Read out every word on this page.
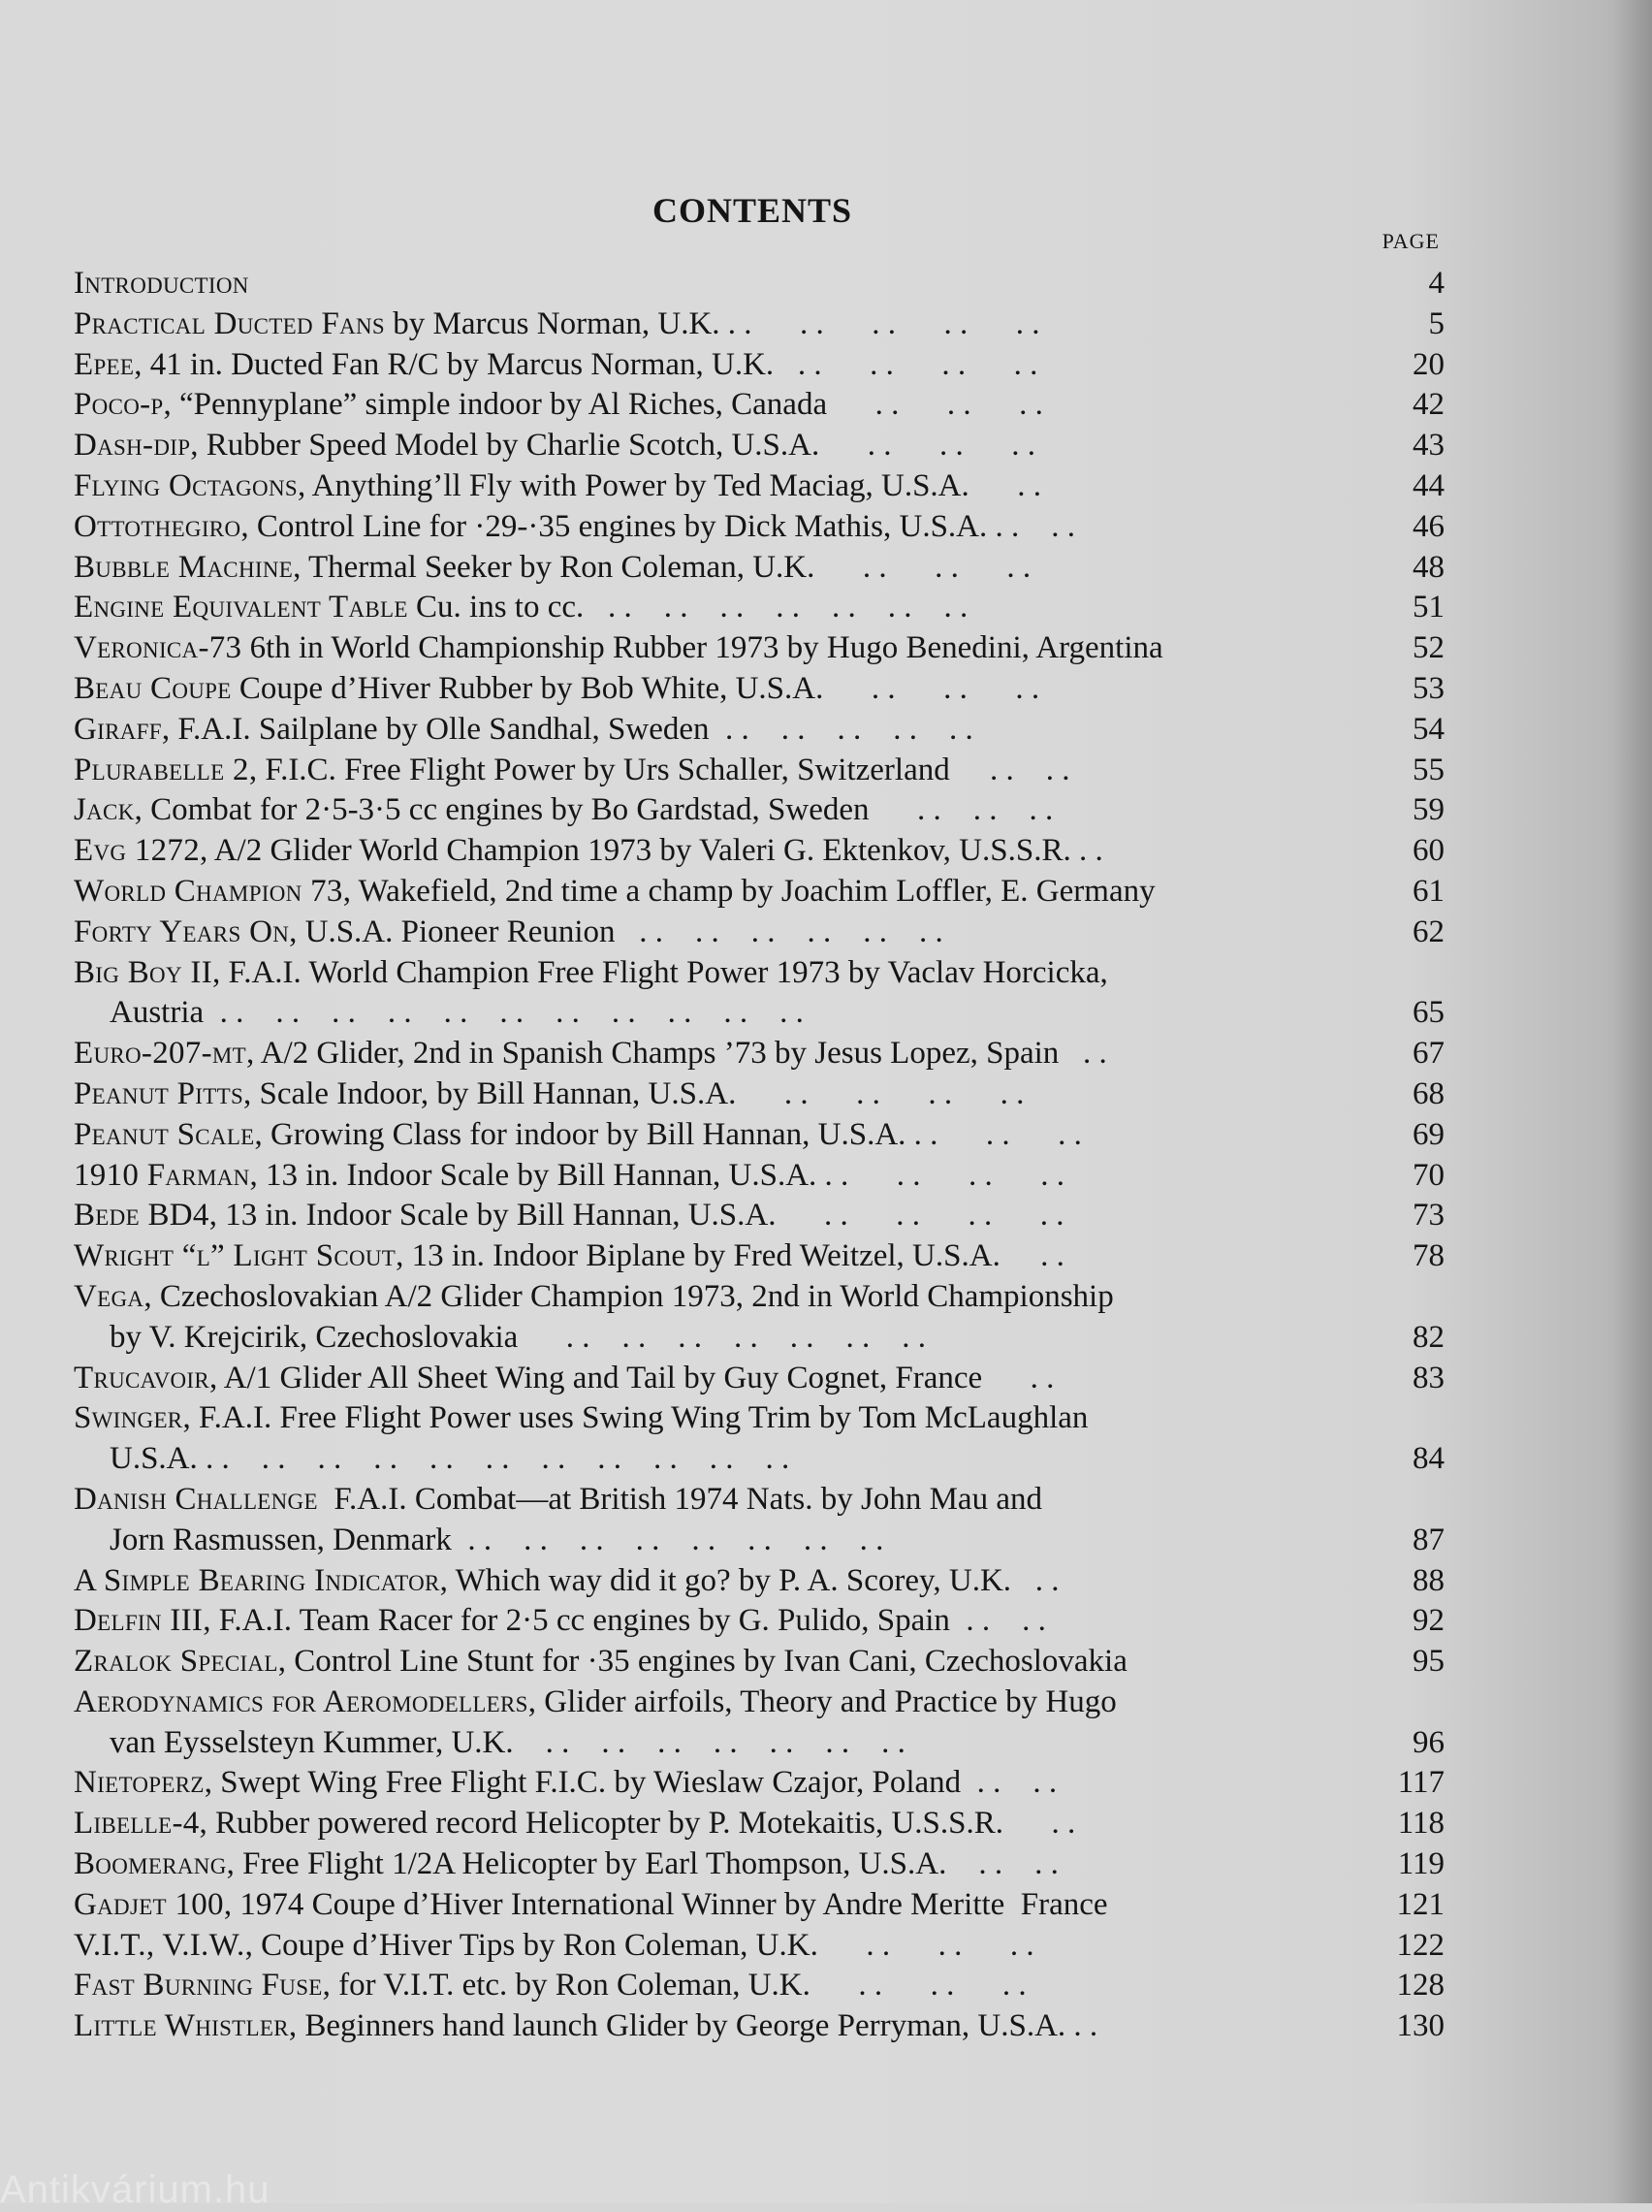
CONTENTS
PAGE
Introduction	4
Practical Ducted Fans by Marcus Norman, U.K. . .      . .      . .      . .      . .	5
Epee, 41 in. Ducted Fan R/C by Marcus Norman, U.K.   . .      . .      . .      . .	20
Poco-p, “Pennyplane” simple indoor by Al Riches, Canada      . .      . .      . .	42
Dash-dip, Rubber Speed Model by Charlie Scotch, U.S.A.      . .      . .      . .	43
Flying Octagons, Anything’ll Fly with Power by Ted Maciag, U.S.A.      . .	44
Ottothegiro, Control Line for ·29-·35 engines by Dick Mathis, U.S.A. . .    . .	46
Bubble Machine, Thermal Seeker by Ron Coleman, U.K.      . .      . .      . .	48
Engine Equivalent Table Cu. ins to cc.   . .    . .    . .    . .    . .    . .    . .	51
Veronica-73 6th in World Championship Rubber 1973 by Hugo Benedini, Argentina	52
Beau Coupe Coupe d’Hiver Rubber by Bob White, U.S.A.      . .      . .      . .	53
Giraff, F.A.I. Sailplane by Olle Sandhal, Sweden  . .    . .    . .    . .    . .	54
Plurabelle 2, F.I.C. Free Flight Power by Urs Schaller, Switzerland     . .    . .	55
Jack, Combat for 2·5-3·5 cc engines by Bo Gardstad, Sweden      . .    . .    . .	59
Evg 1272, A/2 Glider World Champion 1973 by Valeri G. Ektenkov, U.S.S.R. . .	60
World Champion 73, Wakefield, 2nd time a champ by Joachim Loffler, E. Germany	61
Forty Years On, U.S.A. Pioneer Reunion   . .    . .    . .    . .    . .    . .	62
Big Boy II, F.A.I. World Champion Free Flight Power 1973 by Vaclav Horcicka,
Austria  . .    . .    . .    . .    . .    . .    . .    . .    . .    . .    . .	65
Euro-207-mt, A/2 Glider, 2nd in Spanish Champs ’73 by Jesus Lopez, Spain   . .	67
Peanut Pitts, Scale Indoor, by Bill Hannan, U.S.A.      . .      . .      . .      . .	68
Peanut Scale, Growing Class for indoor by Bill Hannan, U.S.A. . .      . .      . .	69
1910 Farman, 13 in. Indoor Scale by Bill Hannan, U.S.A. . .      . .      . .      . .	70
Bede BD4, 13 in. Indoor Scale by Bill Hannan, U.S.A.      . .      . .      . .      . .	73
Wright “l” Light Scout, 13 in. Indoor Biplane by Fred Weitzel, U.S.A.     . .	78
Vega, Czechoslovakian A/2 Glider Champion 1973, 2nd in World Championship
by V. Krejcirik, Czechoslovakia      . .    . .    . .    . .    . .    . .    . .	82
Trucavoir, A/1 Glider All Sheet Wing and Tail by Guy Cognet, France      . .	83
Swinger, F.A.I. Free Flight Power uses Swing Wing Trim by Tom McLaughlan
U.S.A. . .    . .    . .    . .    . .    . .    . .    . .    . .    . .    . .	84
Danish Challenge  F.A.I. Combat—at British 1974 Nats. by John Mau and
Jorn Rasmussen, Denmark  . .    . .    . .    . .    . .    . .    . .    . .	87
A Simple Bearing Indicator, Which way did it go? by P. A. Scorey, U.K.   . .	88
Delfin III, F.A.I. Team Racer for 2·5 cc engines by G. Pulido, Spain  . .    . .	92
Zralok Special, Control Line Stunt for ·35 engines by Ivan Cani, Czechoslovakia	95
Aerodynamics for Aeromodellers, Glider airfoils, Theory and Practice by Hugo
van Eysselsteyn Kummer, U.K.    . .    . .    . .    . .    . .    . .    . .	96
Nietoperz, Swept Wing Free Flight F.I.C. by Wieslaw Czajor, Poland  . .    . .	117
Libelle-4, Rubber powered record Helicopter by P. Motekaitis, U.S.S.R.      . .	118
Boomerang, Free Flight 1/2A Helicopter by Earl Thompson, U.S.A.    . .    . .	119
Gadjet 100, 1974 Coupe d’Hiver International Winner by Andre Meritte  France	121
V.I.T., V.I.W., Coupe d’Hiver Tips by Ron Coleman, U.K.      . .      . .      . .	122
Fast Burning Fuse, for V.I.T. etc. by Ron Coleman, U.K.      . .      . .      . .	128
Little Whistler, Beginners hand launch Glider by George Perryman, U.S.A. . .	130
Antikvárium.hu
